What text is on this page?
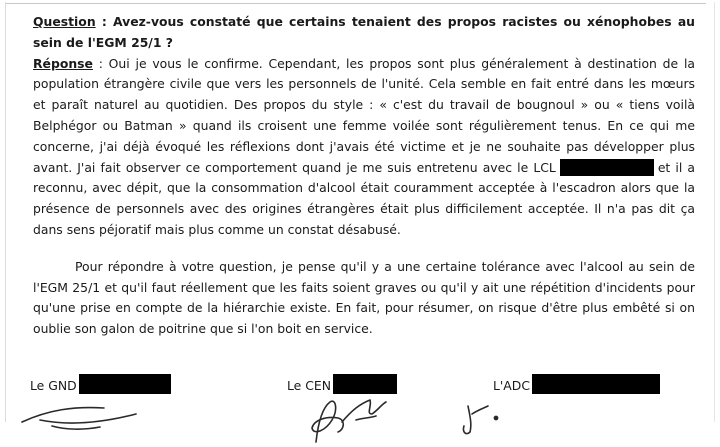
Question : Avez-vous constaté que certains tenaient des propos racistes ou xénophobes au sein de l'EGM 25/1 ?
Réponse : Oui je vous le confirme. Cependant, les propos sont plus généralement à destination de la population étrangère civile que vers les personnels de l'unité. Cela semble en fait entré dans les mœurs et paraît naturel au quotidien. Des propos du style : « c'est du travail de bougnoul » ou « tiens voilà Belphégor ou Batman » quand ils croisent une femme voilée sont régulièrement tenus. En ce qui me concerne, j'ai déjà évoqué les réflexions dont j'avais été victime et je ne souhaite pas développer plus avant. J'ai fait observer ce comportement quand je me suis entretenu avec le LCL	et il a reconnu, avec dépit, que la consommation d'alcool était couramment acceptée à l'escadron alors que la présence de personnels avec des origines étrangères était plus difficilement acceptée. Il n'a pas dit ça dans sens péjoratif mais plus comme un constat désabusé.
Pour répondre à votre question, je pense qu'il y a une certaine tolérance avec l'alcool au sein de l'EGM 25/1 et qu'il faut réellement que les faits soient graves ou qu'il y ait une répétition d'incidents pour qu'une prise en compte de la hiérarchie existe. En fait, pour résumer, on risque d'être plus embêté si on oublie son galon de poitrine que si l'on boit en service.
Le GND	Le CEN	L'ADC
